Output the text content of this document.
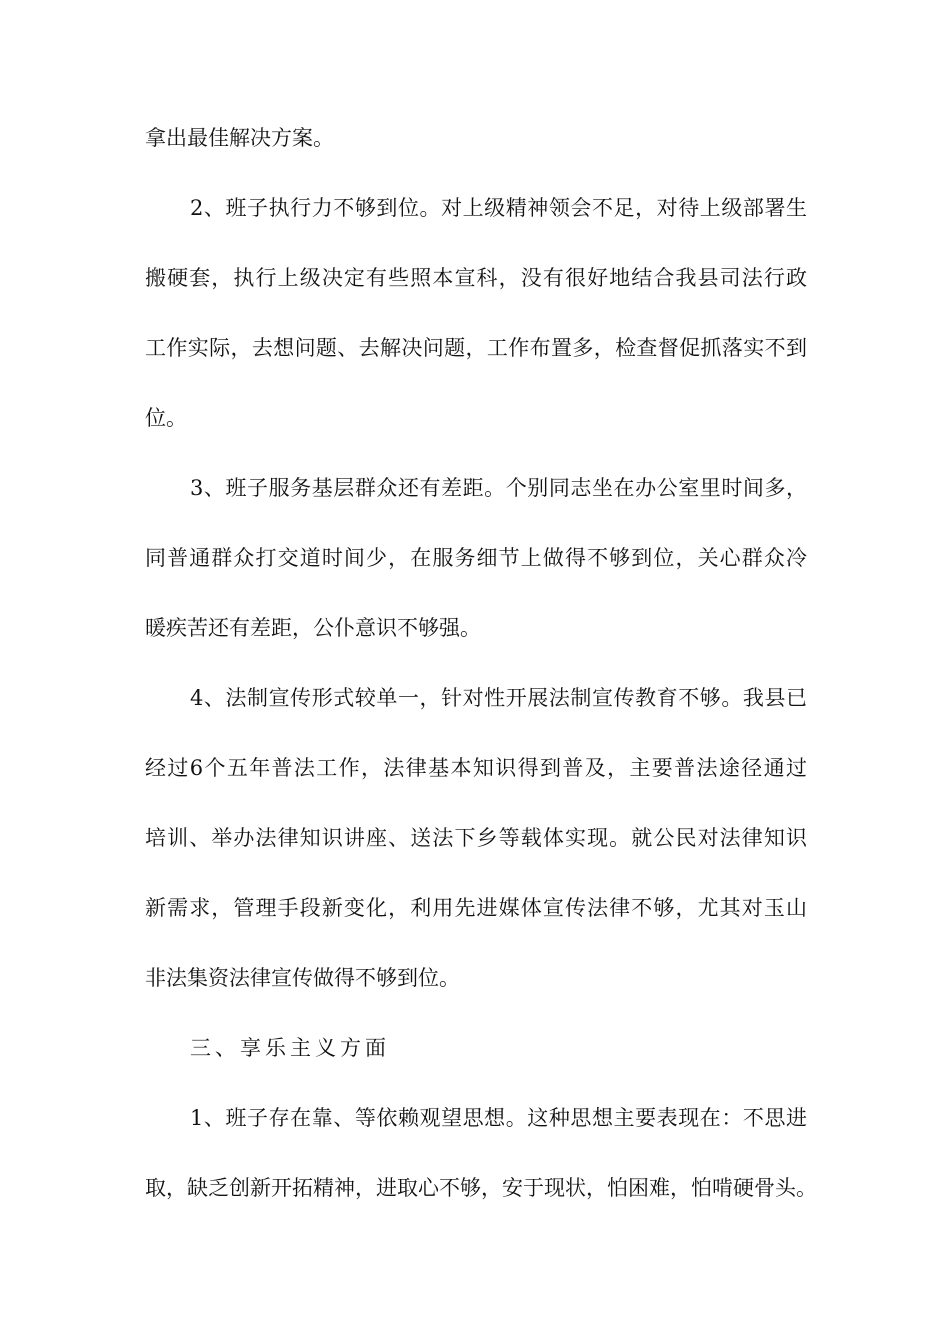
拿出最佳解决方案。
2、班子执行力不够到位。对上级精神领会不足，对待上级部署生
搬硬套，执行上级决定有些照本宣科，没有很好地结合我县司法行政
工作实际，去想问题、去解决问题，工作布置多，检查督促抓落实不到
位。
3、班子服务基层群众还有差距。个别同志坐在办公室里时间多，
同普通群众打交道时间少，在服务细节上做得不够到位，关心群众冷
暖疾苦还有差距，公仆意识不够强。
4、法制宣传形式较单一，针对性开展法制宣传教育不够。我县已
经过6个五年普法工作，法律基本知识得到普及，主要普法途径通过
培训、举办法律知识讲座、送法下乡等载体实现。就公民对法律知识
新需求，管理手段新变化，利用先进媒体宣传法律不够，尤其对玉山
非法集资法律宣传做得不够到位。
三、享乐主义方面
1、班子存在靠、等依赖观望思想。这种思想主要表现在：不思进
取，缺乏创新开拓精神，进取心不够，安于现状，怕困难，怕啃硬骨头。
